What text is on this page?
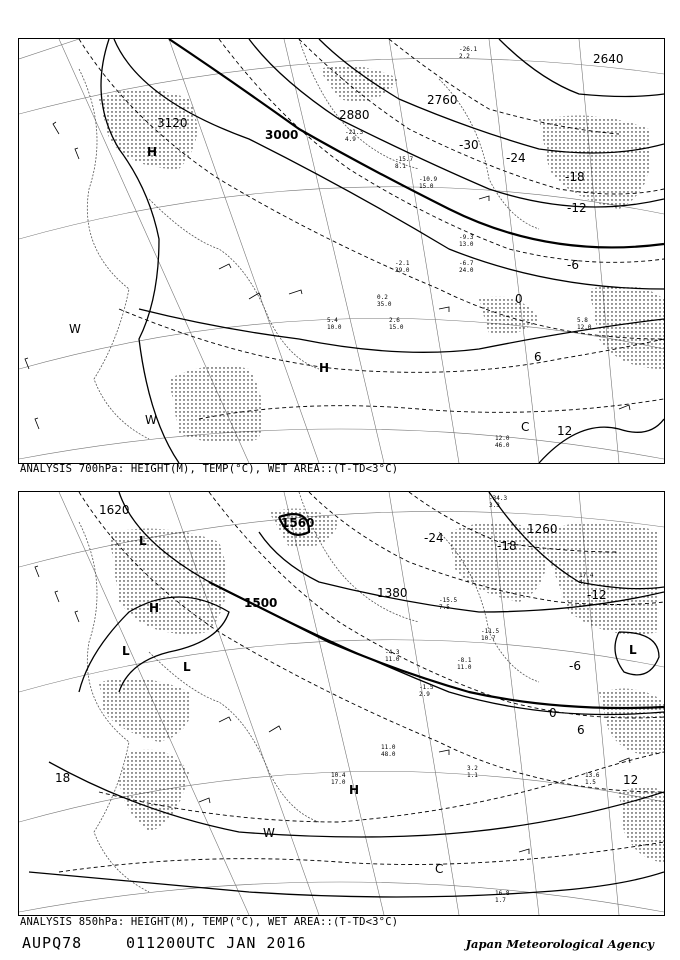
3120
3000
2880
2760
2640
-30
-24
-18
-12
-6
0
6
12
H
H
W
W	C
-26.1
2.2
-21.3
4.9
-15.7
8.1
-10.9
15.0
-9.3
13.0
-6.7
24.0
-2.1
39.0
0.2
35.0
2.6
15.0
5.4
10.0
5.8
12.0
12.0
46.0
ANALYSIS 700hPa: HEIGHT(M), TEMP(°C), WET AREA::(T-TD<3°C)
1620
1560
1500
1380
1260
-24
-18
-12
-6
0
6
12
18
L
L
L
L
H
H
W
C
-34.3
3.3
-15.5
7.5
-11.5
10.7
-8.1
11.0
-4.3
11.0
-1.5
2.9
3.2
1.1
10.4
17.0
11.0
48.0
13.6
1.5
16.8
1.7
17.4
4.1
ANALYSIS 850hPa: HEIGHT(M), TEMP(°C), WET AREA::(T-TD<3°C)
AUPQ78	011200UTC JAN 2016	Japan Meteorological Agency
